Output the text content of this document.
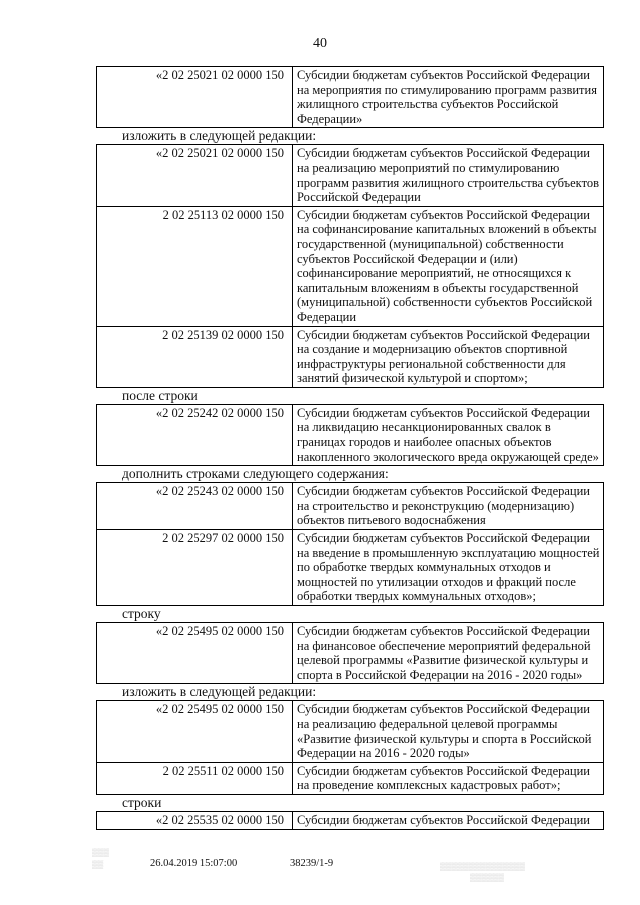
40
	«2 02 25021 02 0000 150	Субсидии бюджетам субъектов Российской Федерации на мероприятия по стимулированию программ развития жилищного строительства субъектов Российской Федерации»
изложить в следующей редакции:
	«2 02 25021 02 0000 150	Субсидии бюджетам субъектов Российской Федерации на реализацию мероприятий по стимулированию программ развития жилищного строительства субъектов Российской Федерации
	2 02 25113 02 0000 150	Субсидии бюджетам субъектов Российской Федерации на софинансирование капитальных вложений в объекты государственной (муниципальной) собственности субъектов Российской Федерации и (или) софинансирование мероприятий, не относящихся к капитальным вложениям в объекты государственной (муниципальной) собственности субъектов Российской Федерации
	2 02 25139 02 0000 150	Субсидии бюджетам субъектов Российской Федерации на создание и модернизацию объектов спортивной инфраструктуры региональной собственности для занятий физической культурой и спортом»;
после строки
	«2 02 25242 02 0000 150	Субсидии бюджетам субъектов Российской Федерации на ликвидацию несанкционированных свалок в границах городов и наиболее опасных объектов накопленного экологического вреда окружающей среде»
дополнить строками следующего содержания:
	«2 02 25243 02 0000 150	Субсидии бюджетам субъектов Российской Федерации на строительство и реконструкцию (модернизацию) объектов питьевого водоснабжения
	2 02 25297 02 0000 150	Субсидии бюджетам субъектов Российской Федерации на введение в промышленную эксплуатацию мощностей по обработке твердых коммунальных отходов и мощностей по утилизации отходов и фракций после обработки твердых коммунальных отходов»;
строку
	«2 02 25495 02 0000 150	Субсидии бюджетам субъектов Российской Федерации на финансовое обеспечение мероприятий федеральной целевой программы «Развитие физической культуры и спорта в Российской Федерации на 2016 - 2020 годы»
изложить в следующей редакции:
	«2 02 25495 02 0000 150	Субсидии бюджетам субъектов Российской Федерации на реализацию федеральной целевой программы «Развитие физической культуры и спорта в Российской Федерации на 2016 - 2020 годы»
	2 02 25511 02 0000 150	Субсидии бюджетам субъектов Российской Федерации на проведение комплексных кадастровых работ»;
строки
	«2 02 25535 02 0000 150	Субсидии бюджетам субъектов Российской Федерации
▒▒▒
▒▒	▒▒▒▒▒▒▒▒▒▒▒▒▒▒▒
▒▒▒▒▒▒
26.04.2019 15:07:00	38239/1-9
